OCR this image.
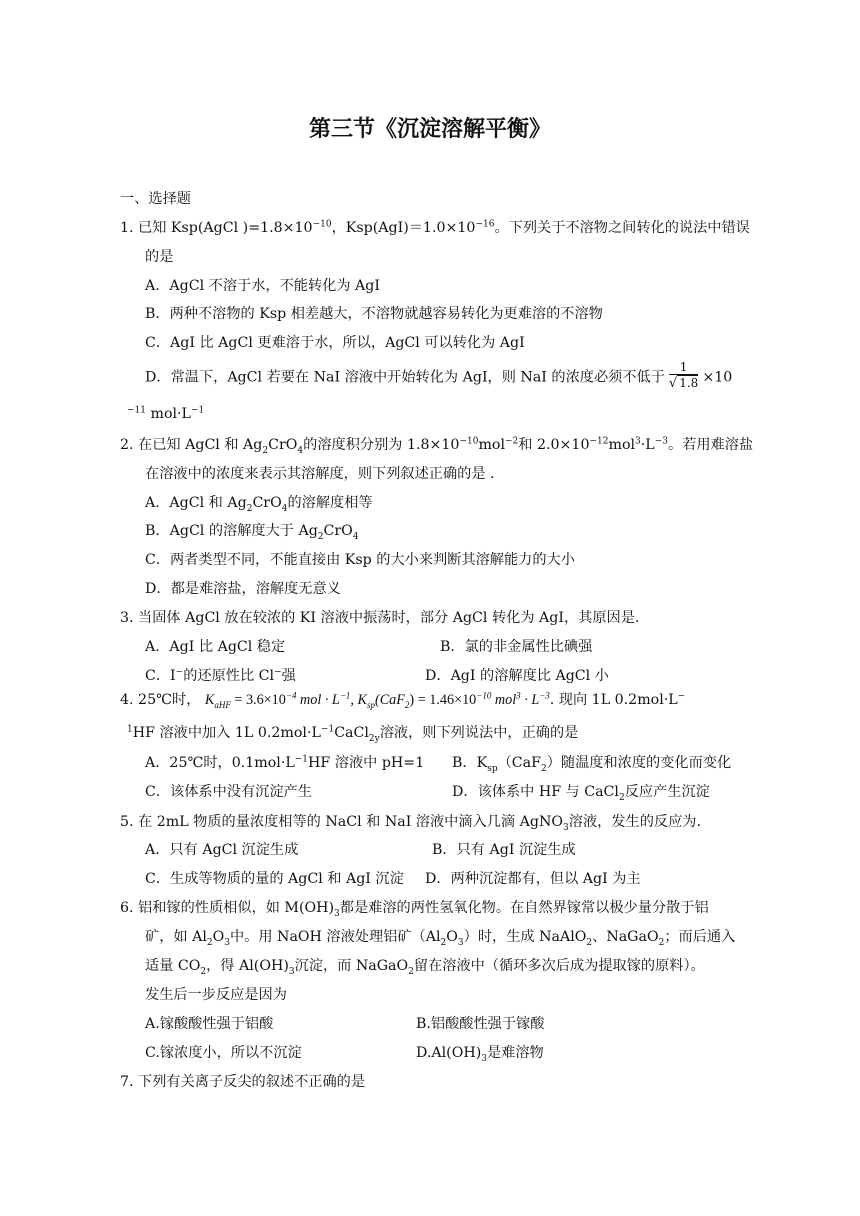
第三节《沉淀溶解平衡》
一、选择题
1. 已知 Ksp(AgCl )$=1.8\times 10^{-10}$，$Ksp(AgI)=1.0\times 10^{-16}$。下列关于不溶物之间转化的说法中错误
的是
A．AgCl 不溶于水，不能转化为 AgI
B．两种不溶物的 Ksp 相差越大，不溶物就越容易转化为更难溶的不溶物
C．AgI 比 AgCl 更难溶于水，所以，AgCl 可以转化为 AgI
D．常温下，AgCl 若要在 NaI 溶液中开始转化为 AgI，则 NaI 的浓度必须不低于 $\frac{1}{√ 1.8} \times 10$
$^{-11}$ $mol\cdot L^{-1}$
2. 在已知 AgCl 和 $Ag_2CrO_4$的溶度积分别为 $1.8\times 10^{-10}mol^{-2}$和 $2.0\times 10^{-12}mol^3\cdot L^{-3}$。若用难溶盐
在溶液中的浓度来表示其溶解度，则下列叙述正确的是 .
A．AgCl 和 $Ag_2CrO_4$的溶解度相等
B．AgCl 的溶解度大于 $Ag_2CrO_4$
C．两者类型不同，不能直接由 Ksp 的大小来判断其溶解能力的大小
D．都是难溶盐，溶解度无意义
3. 当固体 AgCl 放在较浓的 KI 溶液中振荡时，部分 AgCl 转化为 AgI，其原因是.
A．AgI 比 AgCl 稳定	B．氯的非金属性比碘强
C．I−的还原性比 Cl−强	D．AgI 的溶解度比 AgCl 小
4. 25℃时， $K_{aHF} = 3.6\times 10^{-4}$ mol · $L^{-1}$, $K_{sp}(CaF_2) = 1.46\times 10^{-10}$ $mol^3 \cdot L^{-3}$. 现向 1L 0.2mol·L−
$^1$HF 溶液中加入 1L $0.2mol\cdot L^{-1}CaCl_{2y}$溶液，则下列说法中，正确的是
A．25℃时，$0.1mol\cdot L^{-1}HF$ 溶液中 pH=1 B．$K_{sp}(CaF_2)$随温度和浓度的变化而变化
C．该体系中没有沉淀产生	D．该体系中 HF 与 CaCl$_2$反应产生沉淀
5. 在 2mL 物质的量浓度相等的 NaCl 和 NaI 溶液中滴入几滴 AgNO$_3$溶液，发生的反应为.
A．只有 AgCl 沉淀生成	B．只有 AgI 沉淀生成
C．生成等物质的量的 AgCl 和 AgI 沉淀 D．两种沉淀都有，但以 AgI 为主
6. 铝和镓的性质相似，如 $M(OH)_3$都是难溶的两性氢氧化物。在自然界镓常以极少量分散于铝
矿，如 $Al_2O_3$中。用 NaOH 溶液处理铝矿$(Al_2O_3)$时，生成 NaAlO$_2$、NaGaO$_2$；而后通入
适量 $CO_2$，得 $Al(OH)_3$沉淀，而 NaGaO$_2$留在溶液中（循环多次后成为提取镓的原料）。
发生后一步反应是因为
A.镓酸酸性强于铝酸	B.铝酸酸性强于镓酸
C.镓浓度小，所以不沉淀	$D.Al(OH)_3$是难溶物
7. 下列有关离子反尖的叙述不正确的是
